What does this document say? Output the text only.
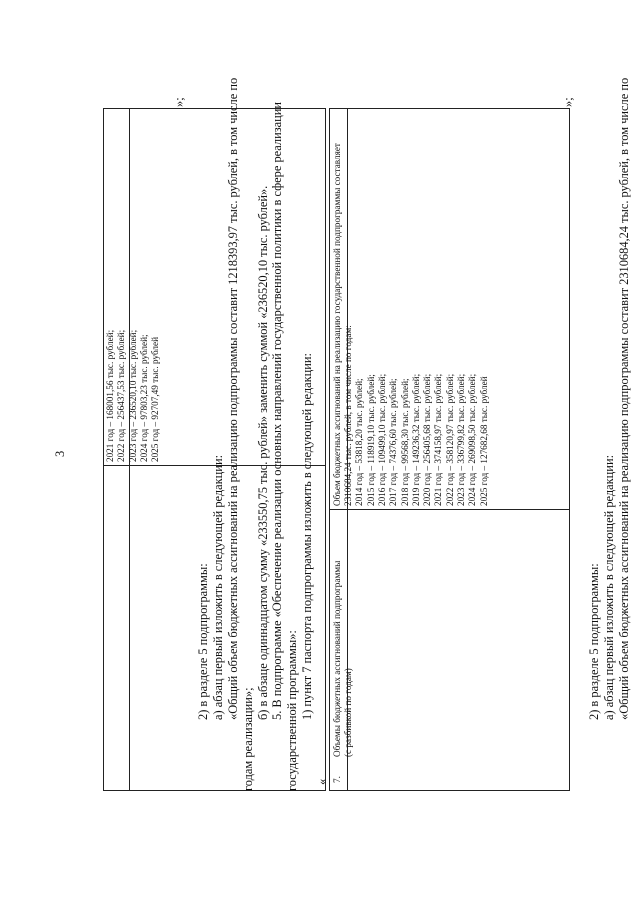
3	2021 год – 168001,56 тыс. рублей; 2022 год – 256437,53 тыс. рублей; 2023 год – 236520,10 тыс. рублей; 2024 год – 97803,23 тыс. рублей; 2025 год – 92707,49 тыс. рублей
»;
2) в разделе 5 подпрограммы: а) абзац первый изложить в следующей редакции: «Общий объем бюджетных ассигнований на реализацию подпрограммы составит 1218393,97 тыс. рублей, в том числе по
годам реализации»;
б) в абзаце одиннадцатом сумму «233550,75 тыс. рублей» заменить суммой «236520,10 тыс. рублей». 5. В подпрограмме «Обеспечение реализации основных направлений государственной политики в сфере реализации государственной программы»: 1) пункт 7 паспорта подпрограммы изложить в следующей редакции:
« 7.
Объемы бюджетных ассигнований подпрограммы (с разбивкой по годам)
Объем бюджетных ассигнований на реализацию государственной подпрограммы составляет 2310684,24 тыс. рублей, в том числе по годам: 2014 год – 53818,20 тыс. рублей; 2015 год – 118919,10 тыс. рублей; 2016 год – 109499,10 тыс. рублей; 2017 год – 74376,60 тыс. рублей; 2018 год – 99568,30 тыс. рублей; 2019 год – 149236,32 тыс. рублей; 2020 год – 256405,68 тыс. рублей; 2021 год – 374158,97 тыс. рублей; 2022 год – 358120,97 тыс. рублей; 2023 год – 336799,82 тыс. рублей; 2024 год – 269098,50 тыс. рублей; 2025 год – 127682,68 тыс. рублей
»;
2) в разделе 5 подпрограммы: а) абзац первый изложить в следующей редакции: «Общий объем бюджетных ассигнований на реализацию подпрограммы составит 2310684,24 тыс. рублей, в том числе по
